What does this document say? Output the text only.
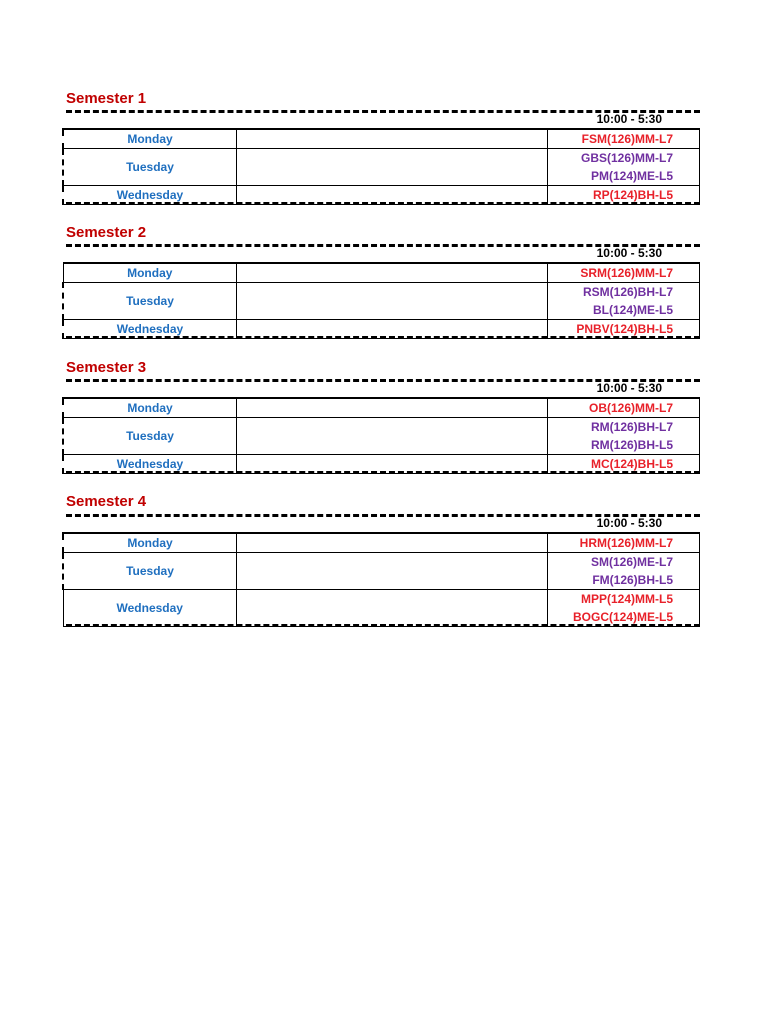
Semester 1
10:00 - 5:30
Monday		FSM(126)MM-L7

Tuesday		GBS(126)MM-L7
PM(124)ME-L5

Wednesday		RP(124)BH-L5
Semester 2
10:00 - 5:30
Monday		SRM(126)MM-L7

Tuesday		RSM(126)BH-L7
BL(124)ME-L5

Wednesday		PNBV(124)BH-L5
Semester 3
10:00 - 5:30
Monday		OB(126)MM-L7

Tuesday		RM(126)BH-L7
RM(126)BH-L5

Wednesday		MC(124)BH-L5
Semester 4
10:00 - 5:30
Monday		HRM(126)MM-L7

Tuesday		SM(126)ME-L7
FM(126)BH-L5

Wednesday		MPP(124)MM-L5
BOGC(124)ME-L5
